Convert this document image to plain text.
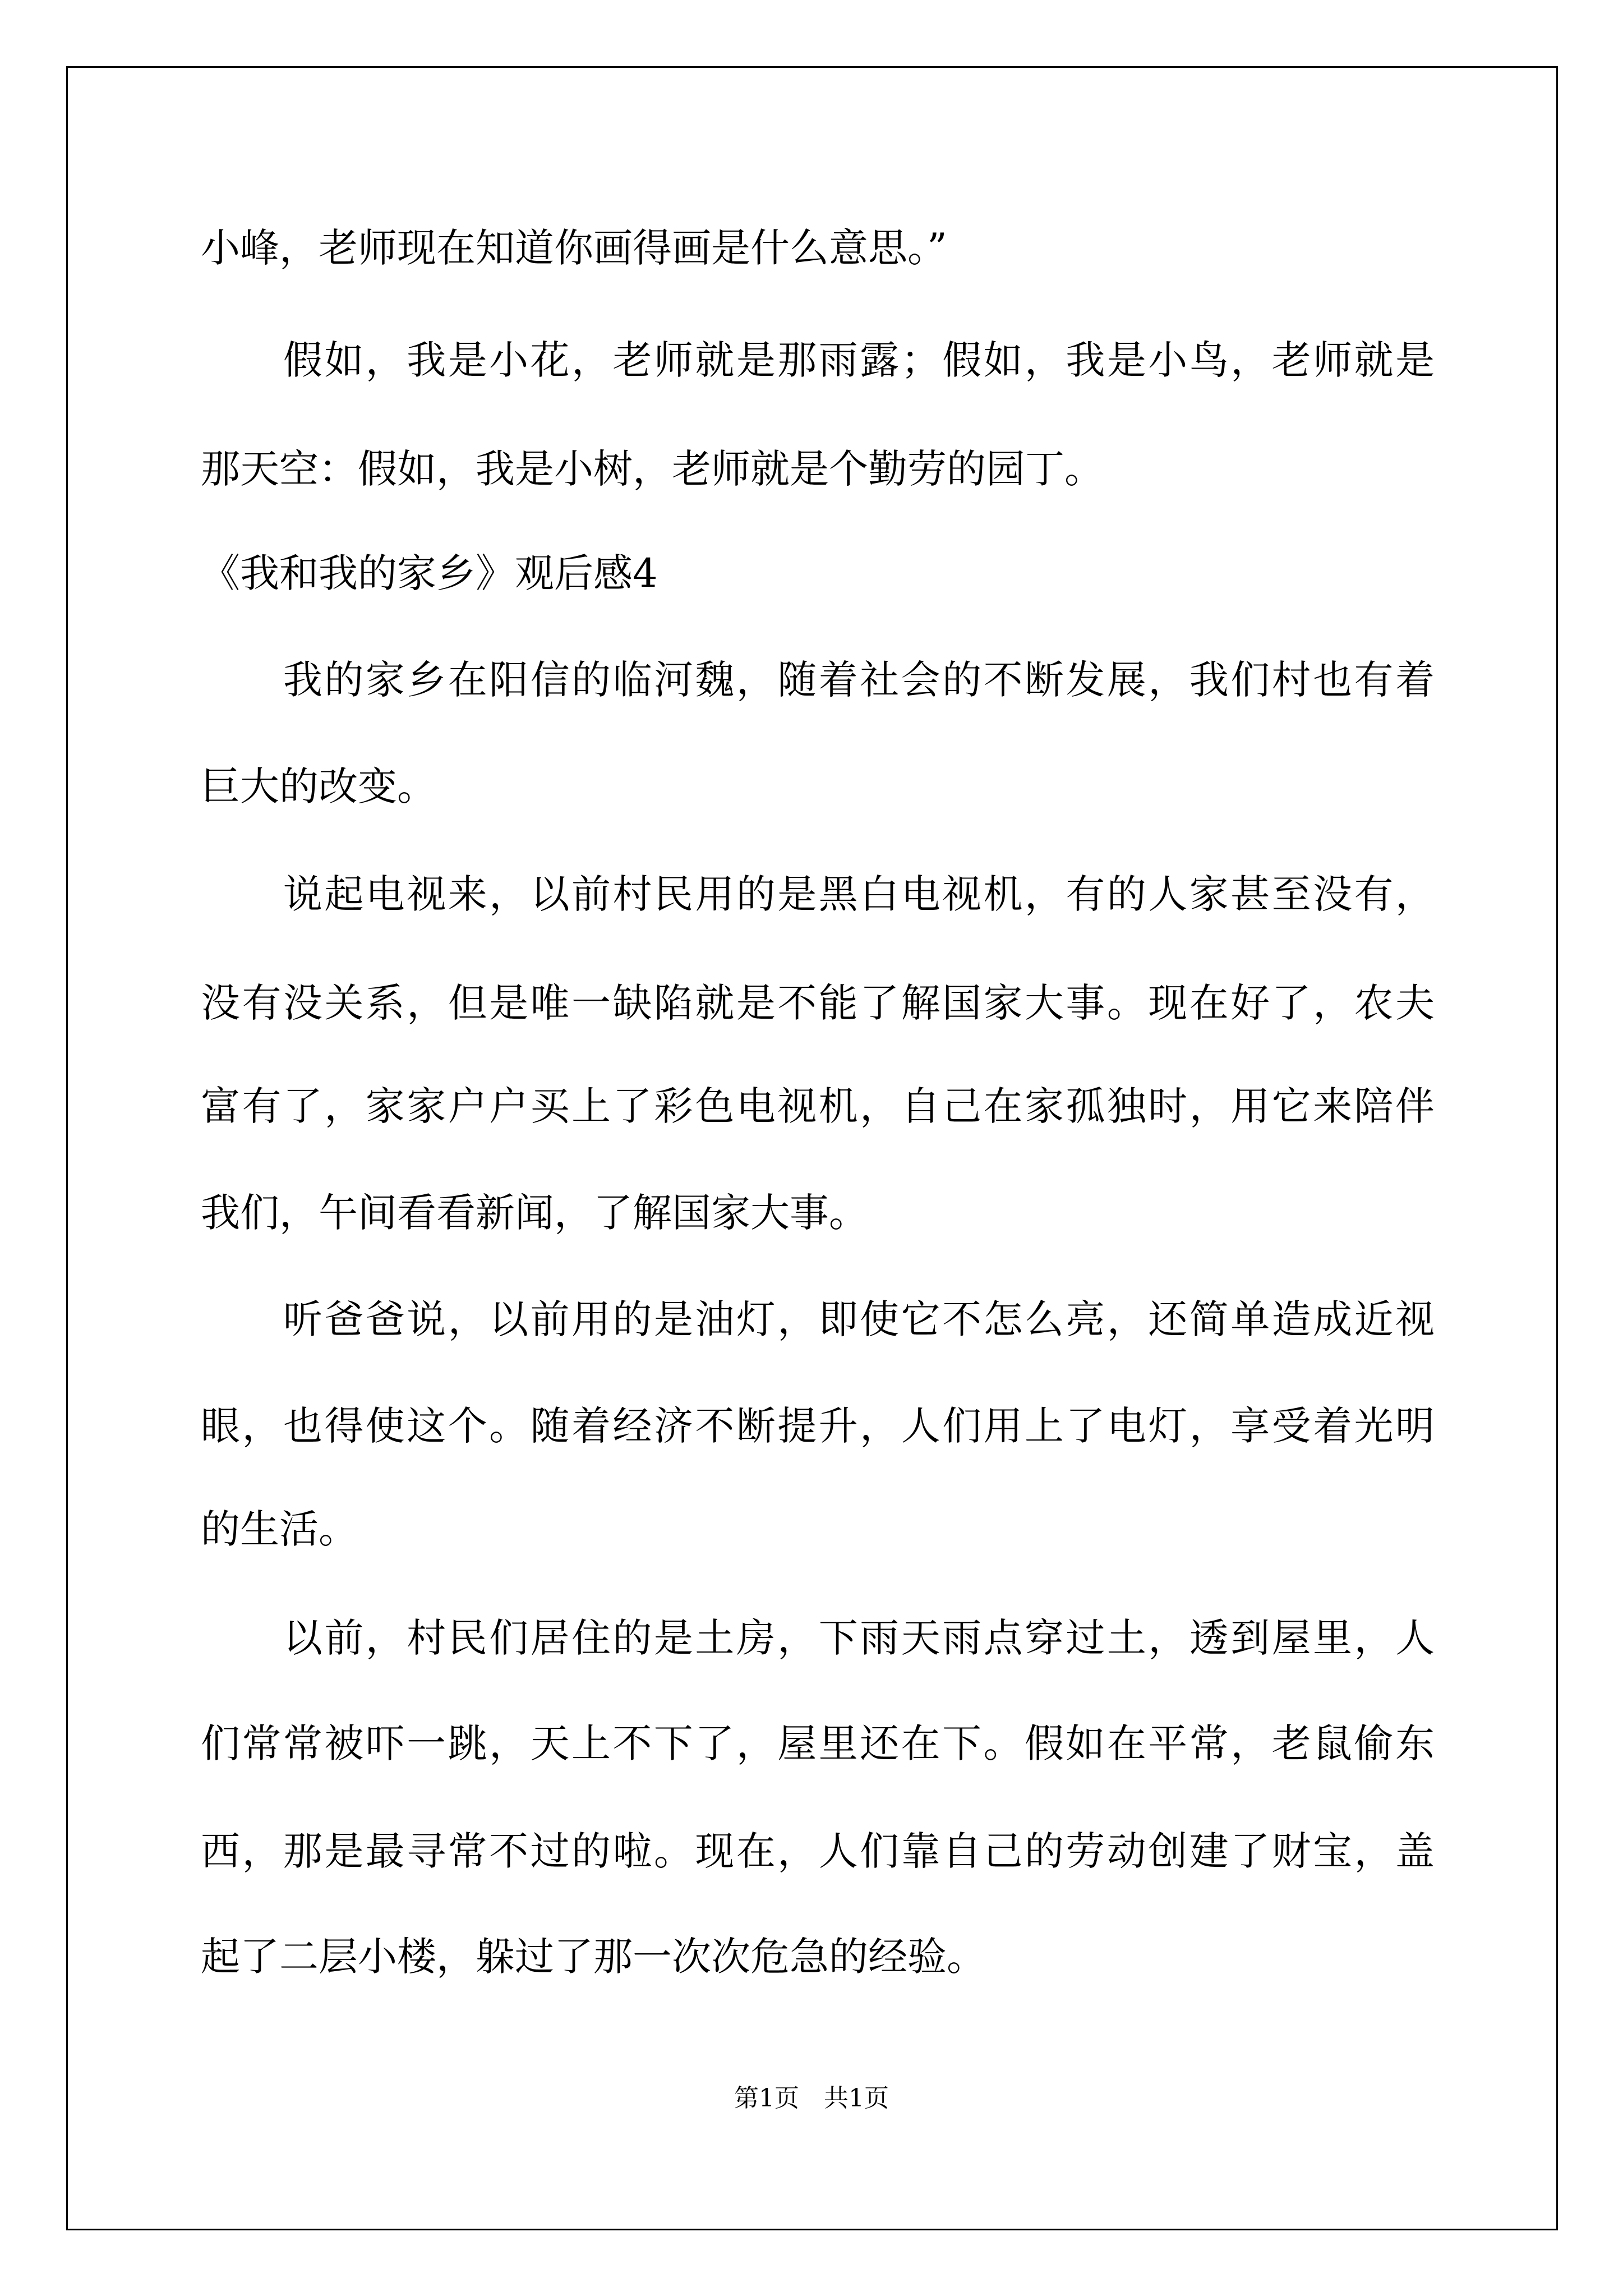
小峰，老师现在知道你画得画是什么意思。”
　　假如，我是小花，老师就是那雨露；假如，我是小鸟，老师就是
那天空：假如，我是小树，老师就是个勤劳的园丁。
《我和我的家乡》观后感4
　　我的家乡在阳信的临河魏，随着社会的不断发展，我们村也有着
巨大的改变。
　　说起电视来，以前村民用的是黑白电视机，有的人家甚至没有，
没有没关系，但是唯一缺陷就是不能了解国家大事。现在好了，农夫
富有了，家家户户买上了彩色电视机，自己在家孤独时，用它来陪伴
我们，午间看看新闻，了解国家大事。
　　听爸爸说，以前用的是油灯，即使它不怎么亮，还简单造成近视
眼，也得使这个。随着经济不断提升，人们用上了电灯，享受着光明
的生活。
　　以前，村民们居住的是土房，下雨天雨点穿过土，透到屋里，人
们常常被吓一跳，天上不下了，屋里还在下。假如在平常，老鼠偷东
西，那是最寻常不过的啦。现在，人们靠自己的劳动创建了财宝，盖
起了二层小楼，躲过了那一次次危急的经验。
第1页　共1页
